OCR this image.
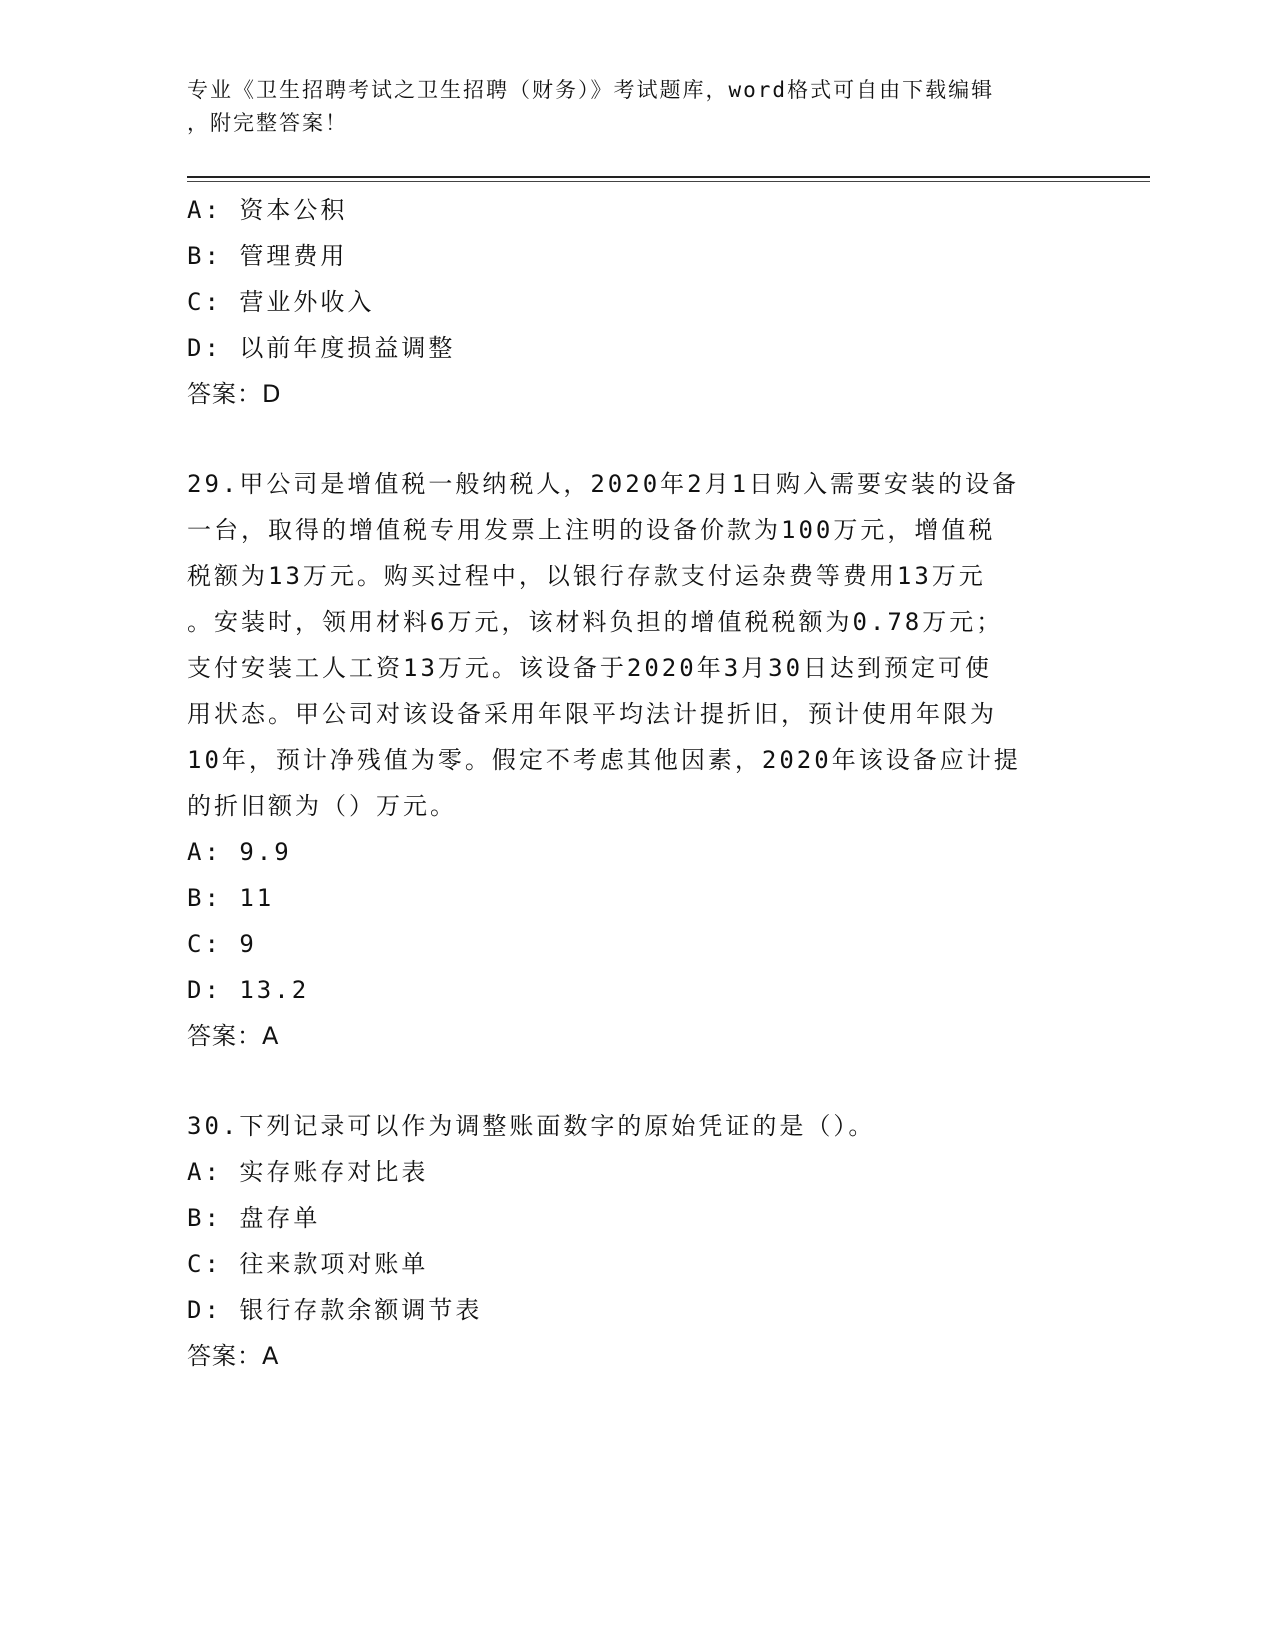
专业《卫生招聘考试之卫生招聘（财务）》考试题库，word格式可自由下载编辑
，附完整答案！
A: 资本公积
B: 管理费用
C: 营业外收入
D: 以前年度损益调整
答案：D
29.甲公司是增值税一般纳税人，2020年2月1日购入需要安装的设备
一台，取得的增值税专用发票上注明的设备价款为100万元，增值税
税额为13万元。购买过程中，以银行存款支付运杂费等费用13万元
。安装时，领用材料6万元，该材料负担的增值税税额为0.78万元；
支付安装工人工资13万元。该设备于2020年3月30日达到预定可使
用状态。甲公司对该设备采用年限平均法计提折旧，预计使用年限为
10年，预计净残值为零。假定不考虑其他因素，2020年该设备应计提
的折旧额为（）万元。
A: 9.9
B: 11
C: 9
D: 13.2
答案：A
30.下列记录可以作为调整账面数字的原始凭证的是（）。
A: 实存账存对比表
B: 盘存单
C: 往来款项对账单
D: 银行存款余额调节表
答案：A
